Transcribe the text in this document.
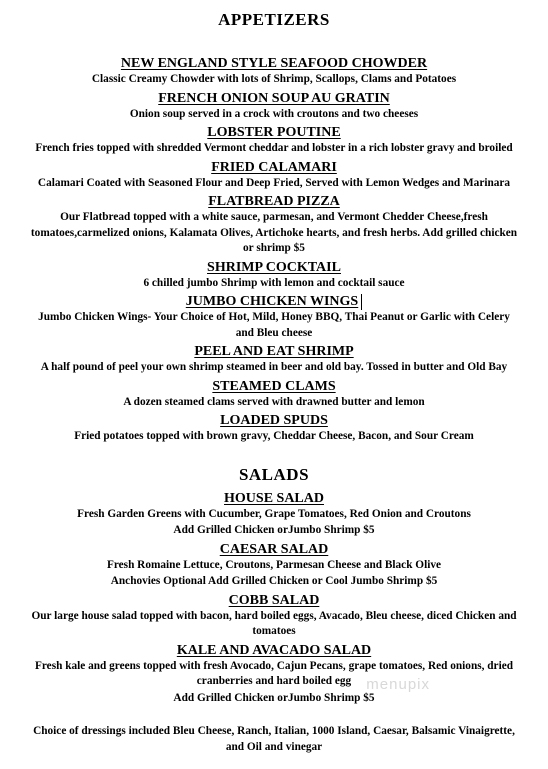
APPETIZERS
NEW ENGLAND STYLE SEAFOOD CHOWDER
Classic Creamy Chowder with lots of Shrimp, Scallops, Clams and Potatoes
FRENCH ONION SOUP AU GRATIN
Onion soup served in a crock with croutons and two cheeses
LOBSTER POUTINE
French fries topped with shredded Vermont cheddar and lobster in a rich lobster gravy and broiled
FRIED CALAMARI
Calamari Coated with Seasoned Flour and Deep Fried, Served with Lemon Wedges and Marinara
FLATBREAD PIZZA
Our Flatbread topped with a white sauce, parmesan, and Vermont Chedder Cheese,fresh tomatoes,carmelized onions, Kalamata Olives, Artichoke hearts, and fresh herbs. Add grilled chicken or shrimp $5
SHRIMP COCKTAIL
6 chilled jumbo Shrimp with lemon and cocktail sauce
JUMBO CHICKEN WINGS
Jumbo Chicken Wings- Your Choice of Hot, Mild, Honey BBQ, Thai Peanut or Garlic with Celery and Bleu cheese
PEEL AND EAT SHRIMP
A half pound of peel your own shrimp steamed in beer and old bay. Tossed in butter and Old Bay
STEAMED CLAMS
A dozen steamed clams served with drawned butter and lemon
LOADED SPUDS
Fried potatoes topped with brown gravy, Cheddar Cheese, Bacon, and Sour Cream
SALADS
HOUSE SALAD
Fresh Garden Greens with Cucumber, Grape Tomatoes, Red Onion and Croutons
Add Grilled Chicken orJumbo Shrimp $5
CAESAR SALAD
Fresh Romaine Lettuce, Croutons, Parmesan Cheese and Black Olive
Anchovies Optional Add Grilled Chicken or Cool Jumbo Shrimp $5
COBB SALAD
Our large house salad topped with bacon, hard boiled eggs, Avacado, Bleu cheese, diced Chicken and tomatoes
KALE AND AVACADO SALAD
Fresh kale and greens topped with fresh Avocado, Cajun Pecans, grape tomatoes, Red onions, dried cranberries and hard boiled egg
Add Grilled Chicken orJumbo Shrimp $5
Choice of dressings included Bleu Cheese, Ranch, Italian, 1000 Island, Caesar, Balsamic Vinaigrette, and Oil and vinegar
menupix
